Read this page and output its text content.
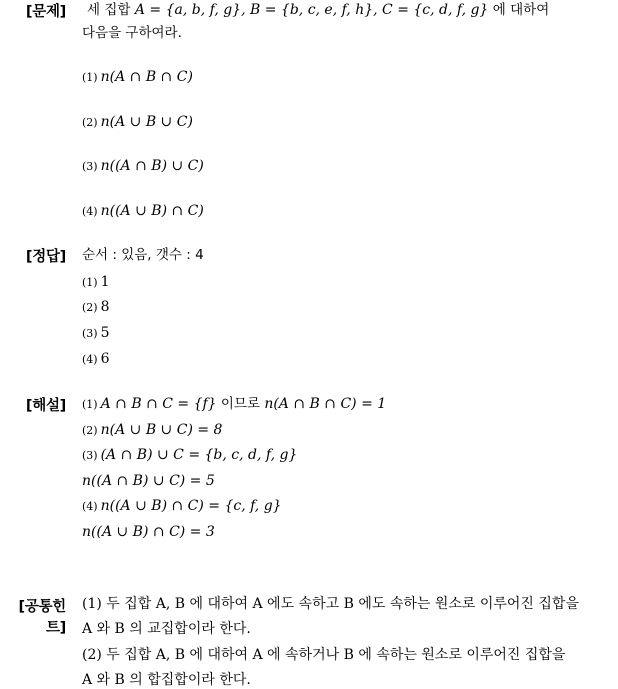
[문제] 세 집합 A = {a, b, f, g}, B = {b, c, e, f, h}, C = {c, d, f, g} 에 대하여
다음을 구하여라.
(1) n(A ∩ B ∩ C)
(2) n(A ∪ B ∪ C)
(3) n((A ∩ B) ∪ C)
(4) n((A ∪ B) ∩ C)
[정답] 순서 : 있음, 갯수 : 4
(1) 1
(2) 8
(3) 5
(4) 6
[해설] (1) A ∩ B ∩ C = {f} 이므로 n(A ∩ B ∩ C) = 1
(2) n(A ∪ B ∪ C) = 8
(3) (A ∩ B) ∪ C = {b, c, d, f, g}
n((A ∩ B) ∪ C) = 5
(4) n((A ∪ B) ∩ C) = {c, f, g}
n((A ∪ B) ∩ C) = 3
[공통힌트]
(1) 두 집합 A, B 에 대하여 A 에도 속하고 B 에도 속하는 원소로 이루어진 집합을
A 와 B 의 교집합이라 한다.
(2) 두 집합 A, B 에 대하여 A 에 속하거나 B 에 속하는 원소로 이루어진 집합을
A 와 B 의 합집합이라 한다.
